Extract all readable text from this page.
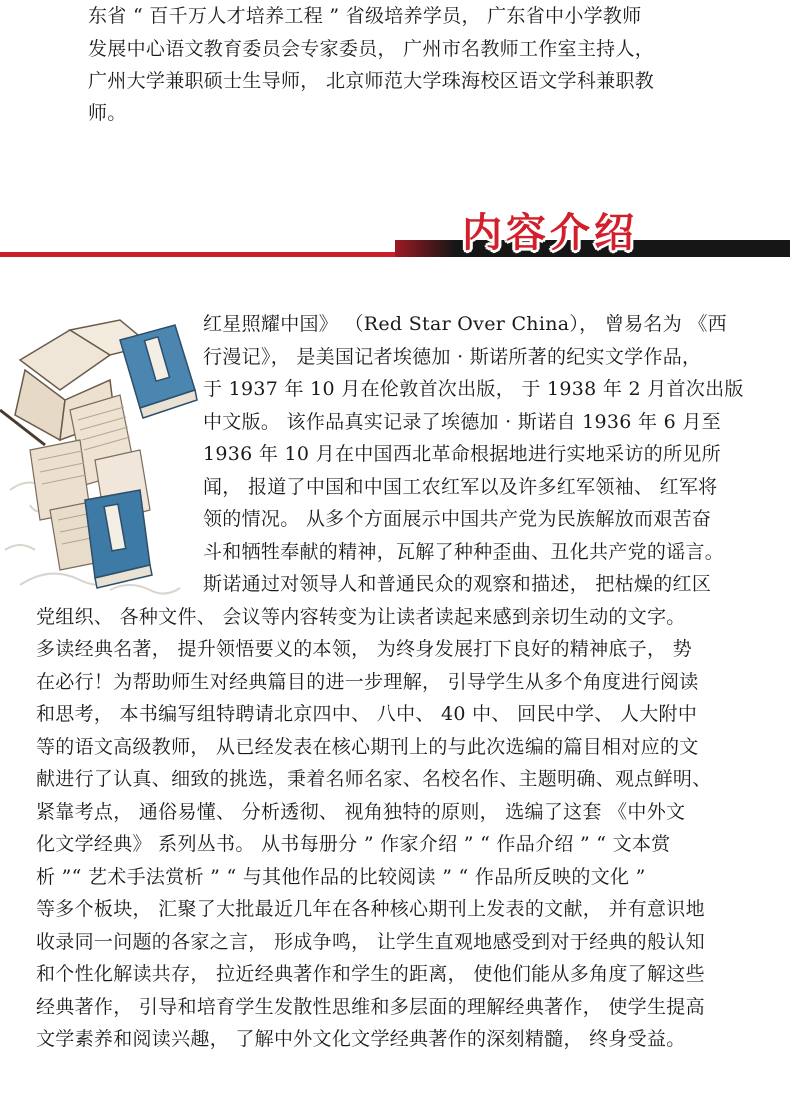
东省 “ 百千万人才培养工程 ” 省级培养学员， 广东省中小学教师
发展中心语文教育委员会专家委员， 广州市名教师工作室主持人，
广州大学兼职硕士生导师， 北京师范大学珠海校区语文学科兼职教
师。
内容介绍
红星照耀中国》 （Red Star Over China）， 曾易名为 《西
行漫记》， 是美国记者埃德加 · 斯诺所著的纪实文学作品，
于 1937 年 10 月在伦敦首次出版， 于 1938 年 2 月首次出版
中文版。 该作品真实记录了埃德加 · 斯诺自 1936 年 6 月至
1936 年 10 月在中国西北革命根据地进行实地采访的所见所
闻， 报道了中国和中国工农红军以及许多红军领袖、 红军将
领的情况。 从多个方面展示中国共产党为民族解放而艰苦奋
斗和牺牲奉献的精神，瓦解了种种歪曲、丑化共产党的谣言。
斯诺通过对领导人和普通民众的观察和描述， 把枯燥的红区
党组织、 各种文件、 会议等内容转变为让读者读起来感到亲切生动的文字。
多读经典名著， 提升领悟要义的本领， 为终身发展打下良好的精神底子， 势
在必行！为帮助师生对经典篇目的进一步理解， 引导学生从多个角度进行阅读
和思考， 本书编写组特聘请北京四中、 八中、 40 中、 回民中学、 人大附中
等的语文高级教师， 从已经发表在核心期刊上的与此次选编的篇目相对应的文
献进行了认真、细致的挑选，秉着名师名家、名校名作、主题明确、观点鲜明、
紧靠考点， 通俗易懂、 分析透彻、 视角独特的原则， 选编了这套 《中外文
化文学经典》 系列丛书。 从书每册分 ” 作家介绍 ” “ 作品介绍 ” “ 文本赏
析 ”“ 艺术手法赏析 ” “ 与其他作品的比较阅读 ” “ 作品所反映的文化 ”
等多个板块， 汇聚了大批最近几年在各种核心期刊上发表的文献， 并有意识地
收录同一问题的各家之言， 形成争鸣， 让学生直观地感受到对于经典的般认知
和个性化解读共存， 拉近经典著作和学生的距离， 使他们能从多角度了解这些
经典著作， 引导和培育学生发散性思维和多层面的理解经典著作， 使学生提高
文学素养和阅读兴趣， 了解中外文化文学经典著作的深刻精髓， 终身受益。
